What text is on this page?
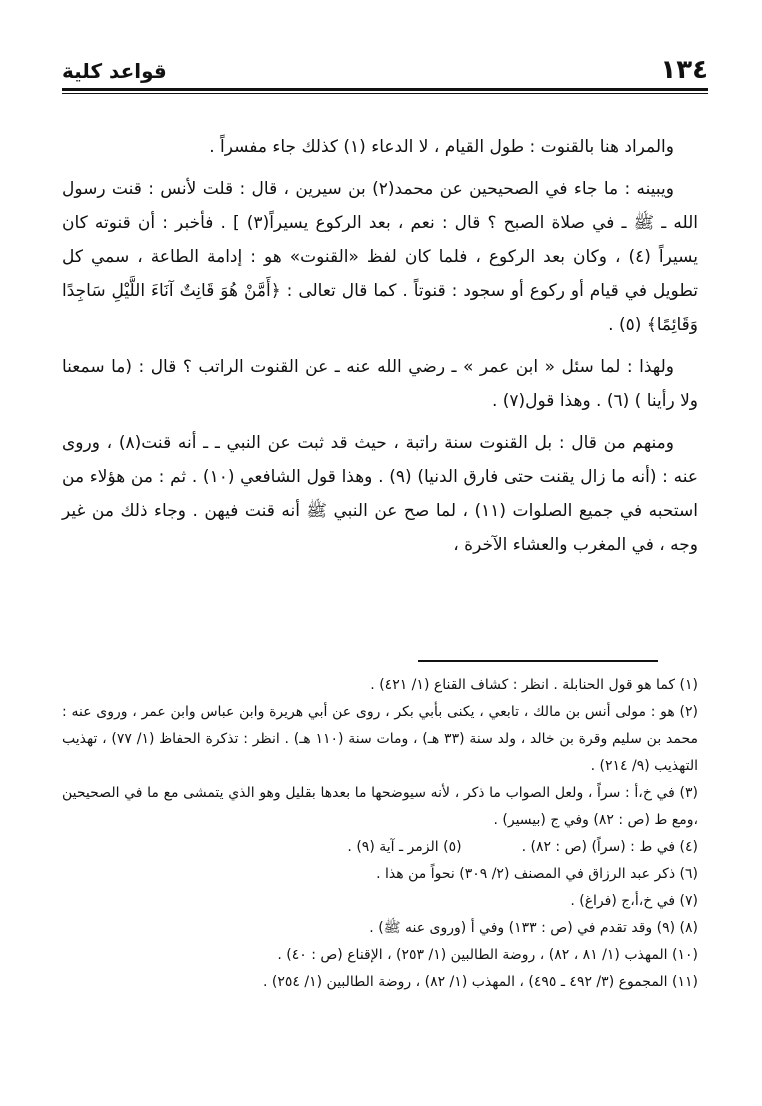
١٣٤
قواعد كلية

والمراد هنا بالقنوت : طول القيام ، لا الدعاء (١) كذلك جاء مفسراً .

ويبينه : ما جاء في الصحيحين عن محمد(٢) بن سيرين ، قال : قلت لأنس : قنت رسول الله ـ ﷺ ـ في صلاة الصبح ؟ قال : نعم ، بعد الركوع يسيراً(٣) ] . فأخبر : أن قنوته كان يسيراً (٤) ، وكان بعد الركوع ، فلما كان لفظ «القنوت» هو : إدامة الطاعة ، سمي كل تطويل في قيام أو ركوع أو سجود : قنوتاً . كما قال تعالى : ﴿أَمَّنْ هُوَ قَانِتٌ آنَاءَ اللَّيْلِ سَاجِدًا وَقَائِمًا﴾ (٥) .

ولهذا : لما سئل « ابن عمر » ـ رضي الله عنه ـ عن القنوت الراتب ؟ قال : (ما سمعنا ولا رأينا ) (٦) . وهذا قول(٧) .

ومنهم من قال : بل القنوت سنة راتبة ، حيث قد ثبت عن النبي ـ ـ أنه قنت(٨) ، وروى عنه : (أنه ما زال يقنت حتى فارق الدنيا) (٩) . وهذا قول الشافعي (١٠) . ثم : من هؤلاء من استحبه في جميع الصلوات (١١) ، لما صح عن النبي ﷺ أنه قنت فيهن . وجاء ذلك من غير وجه ، في المغرب والعشاء الآخرة ،

(١) كما هو قول الحنابلة . انظر : كشاف القناع (١/ ٤٢١) .

(٢) هو : مولى أنس بن مالك ، تابعي ، يكنى بأبي بكر ، روى عن أبي هريرة وابن عباس وابن عمر ، وروى عنه : محمد بن سليم وقرة بن خالد ، ولد سنة (٣٣ هـ) ، ومات سنة (١١٠ هـ) . انظر : تذكرة الحفاظ (١/ ٧٧) ، تهذيب التهذيب (٩/ ٢١٤) .

(٣) في خ،أ : سراً ، ولعل الصواب ما ذكر ، لأنه سيوضحها ما بعدها بقليل وهو الذي يتمشى مع ما في الصحيحين ،ومع ط (ص : ٨٢) وفي ج (بيسير) .

(٤) في ط : (سراً) (ص : ٨٢) .
(٥) الزمر ـ آية (٩) .

(٦) ذكر عبد الرزاق في المصنف (٢/ ٣٠٩) نحواً من هذا .

(٧) في خ،أ،ج (فراغ) .

(٨) (٩) وقد تقدم في (ص : ١٣٣) وفي أ (وروى عنه ﷺ) .

(١٠) المهذب (١/ ٨١ ، ٨٢) ، روضة الطالبين (١/ ٢٥٣) ، الإقناع (ص : ٤٠) .

(١١) المجموع (٣/ ٤٩٢ ـ ٤٩٥) ، المهذب (١/ ٨٢) ، روضة الطالبين (١/ ٢٥٤) .
